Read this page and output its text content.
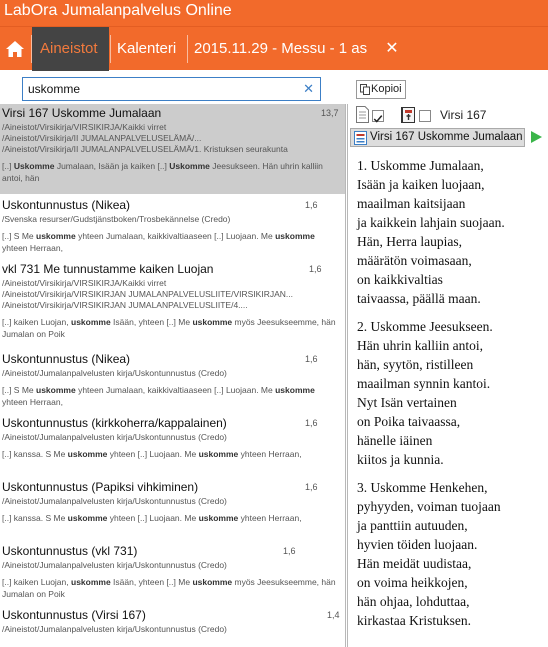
LabOra Jumalanpalvelus Online
Aineistot	Kalenteri 2015.11.29 - Messu - 1 as ✕
uskomme
✕	Kopioi
Virsi 167 Uskomme Jumalaan	13,7
/Aineistot/Virsikirja/VIRSIKIRJA/Kaikki virret
/Aineistot/Virsikirja/II JUMALANPALVELUSELÄMÄ/...
/Aineistot/Virsikirja/II JUMALANPALVELUSELÄMÄ/1. Kristuksen seurakunta
[..] Uskomme Jumalaan, Isään ja kaiken [..] Uskomme Jeesukseen. Hän uhrin kalliin antoi, hän
Uskontunnustus (Nikea)	1,6
/Svenska resurser/Gudstjänstboken/Trosbekännelse (Credo)
[..] S Me uskomme yhteen Jumalaan, kaikkivaltiaaseen [..] Luojaan. Me uskomme yhteen Herraan,
vkl 731 Me tunnustamme kaiken Luojan	1,6
/Aineistot/Virsikirja/VIRSIKIRJA/Kaikki virret
/Aineistot/Virsikirja/VIRSIKIRJAN JUMALANPALVELUSLIITE/VIRSIKIRJAN...
/Aineistot/Virsikirja/VIRSIKIRJAN JUMALANPALVELUSLIITE/4....
[..] kaiken Luojan, uskomme Isään, yhteen [..] Me uskomme myös Jeesukseemme, hän Jumalan on Poik
Uskontunnustus (Nikea)	1,6
/Aineistot/Jumalanpalvelusten kirja/Uskontunnustus (Credo)
[..] S Me uskomme yhteen Jumalaan, kaikkivaltiaaseen [..] Luojaan. Me uskomme yhteen Herraan,
Uskontunnustus (kirkkoherra/kappalainen)	1,6
/Aineistot/Jumalanpalvelusten kirja/Uskontunnustus (Credo)
[..] kanssa. S Me uskomme yhteen [..] Luojaan. Me uskomme yhteen Herraan,
Uskontunnustus (Papiksi vihkiminen)	1,6
/Aineistot/Jumalanpalvelusten kirja/Uskontunnustus (Credo)
[..] kanssa. S Me uskomme yhteen [..] Luojaan. Me uskomme yhteen Herraan,
Uskontunnustus (vkl 731)	1,6
/Aineistot/Jumalanpalvelusten kirja/Uskontunnustus (Credo)
[..] kaiken Luojan, uskomme Isään, yhteen [..] Me uskomme myös Jeesukseemme, hän Jumalan on Poik
Uskontunnustus (Virsi 167)	1,4
/Aineistot/Jumalanpalvelusten kirja/Uskontunnustus (Credo)
Virsi 167
Virsi 167 Uskomme Jumalaan
1. Uskomme Jumalaan,
Isään ja kaiken luojaan,
maailman kaitsijaan
ja kaikkein lahjain suojaan.
Hän, Herra laupias,
määrätön voimasaan,
on kaikkivaltias
taivaassa, päällä maan.
2. Uskomme Jeesukseen.
Hän uhrin kalliin antoi,
hän, syytön, ristilleen
maailman synnin kantoi.
Nyt Isän vertainen
on Poika taivaassa,
hänelle iäinen
kiitos ja kunnia.
3. Uskomme Henkehen,
pyhyyden, voiman tuojaan
ja panttiin autuuden,
hyvien töiden luojaan.
Hän meidät uudistaa,
on voima heikkojen,
hän ohjaa, lohduttaa,
kirkastaa Kristuksen.
